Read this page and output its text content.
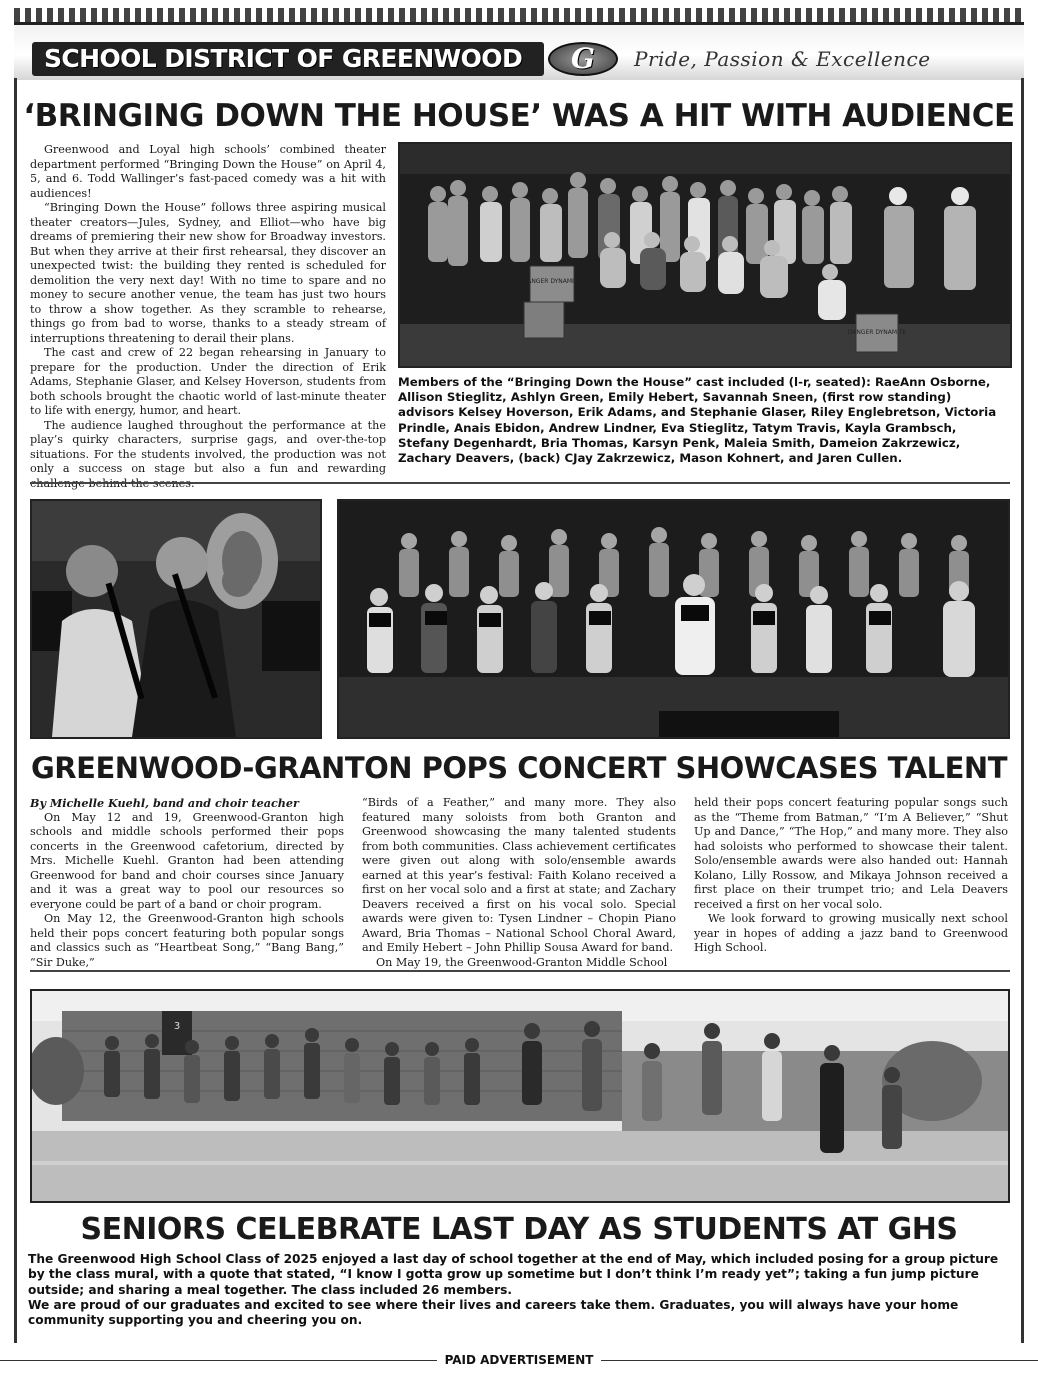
SCHOOL DISTRICT OF GREENWOOD	G	Pride, Passion & Excellence
‘BRINGING DOWN THE HOUSE’ WAS A HIT WITH AUDIENCE

Greenwood and Loyal high schools’ combined theater department performed “Bringing Down the House” on April 4, 5, and 6. Todd Wallinger’s fast-paced comedy was a hit with audiences!

“Bringing Down the House” follows three aspiring musical theater creators—Jules, Sydney, and Elliot—who have big dreams of premiering their new show for Broadway investors. But when they arrive at their first rehearsal, they discover an unexpected twist: the building they rented is scheduled for demolition the very next day! With no time to spare and no money to secure another venue, the team has just two hours to throw a show together. As they scramble to rehearse, things go from bad to worse, thanks to a steady stream of interruptions threatening to derail their plans.

The cast and crew of 22 began rehearsing in January to prepare for the production. Under the direction of Erik Adams, Stephanie Glaser, and Kelsey Hoverson, students from both schools brought the chaotic world of last-minute theater to life with energy, humor, and heart.

The audience laughed throughout the performance at the play’s quirky characters, surprise gags, and over-the-top situations. For the students involved, the production was not only a success on stage but also a fun and rewarding challenge behind the scenes.

DANGER DYNAMITE
DANGER DYNAMITE
Members of the “Bringing Down the House” cast included (l-r, seated): RaeAnn Osborne, Allison Stieglitz, Ashlyn Green, Emily Hebert, Savannah Sneen, (first row standing) advisors Kelsey Hoverson, Erik Adams, and Stephanie Glaser, Riley Englebretson, Victoria Prindle, Anais Ebidon, Andrew Lindner, Eva Stieglitz, Tatym Travis, Kayla Grambsch, Stefany Degenhardt, Bria Thomas, Karsyn Penk, Maleia Smith, Dameion Zakrzewicz, Zachary Deavers, (back) CJay Zakrzewicz, Mason Kohnert, and Jaren Cullen.
GREENWOOD-GRANTON POPS CONCERT SHOWCASES TALENT

By Michelle Kuehl, band and choir teacher

On May 12 and 19, Greenwood-Granton high schools and middle schools performed their pops concerts in the Greenwood cafetorium, directed by Mrs. Michelle Kuehl. Granton had been attending Greenwood for band and choir courses since January and it was a great way to pool our resources so everyone could be part of a band or choir program.

On May 12, the Greenwood-Granton high schools held their pops concert featuring both popular songs and classics such as “Heartbeat Song,” “Bang Bang,” “Sir Duke,”

“Birds of a Feather,” and many more. They also featured many soloists from both Granton and Greenwood showcasing the many talented students from both communities. Class achievement certificates were given out along with solo/ensemble awards earned at this year’s festival: Faith Kolano received a first on her vocal solo and a first at state; and Zachary Deavers received a first on his vocal solo. Special awards were given to: Tysen Lindner – Chopin Piano Award, Bria Thomas – National School Choral Award, and Emily Hebert – John Phillip Sousa Award for band.

On May 19, the Greenwood-Granton Middle School

held their pops concert featuring popular songs such as the “Theme from Batman,” “I’m A Believer,” “Shut Up and Dance,” “The Hop,” and many more. They also had soloists who performed to showcase their talent. Solo/ensemble awards were also handed out: Hannah Kolano, Lilly Rossow, and Mikaya Johnson received a first place on their trumpet trio; and Lela Deavers received a first on her vocal solo.

We look forward to growing musically next school year in hopes of adding a jazz band to Greenwood High School.

3
SENIORS CELEBRATE LAST DAY AS STUDENTS AT GHS

The Greenwood High School Class of 2025 enjoyed a last day of school together at the end of May, which included posing for a group picture by the class mural, with a quote that stated, “I know I gotta grow up sometime but I don’t think I’m ready yet”; taking a fun jump picture outside; and sharing a meal together. The class included 26 members.

We are proud of our graduates and excited to see where their lives and careers take them. Graduates, you will always have your home community supporting you and cheering you on.

PAID ADVERTISEMENT
